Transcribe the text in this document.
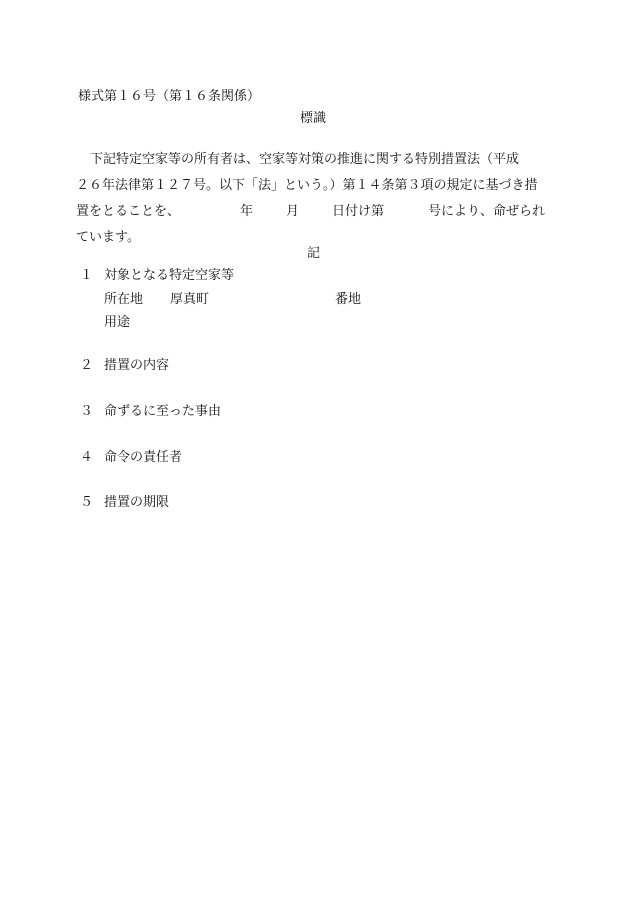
様式第１６号（第１６条関係）
標識
下記特定空家等の所有者は、空家等対策の推進に関する特別措置法（平成
２６年法律第１２７号。以下「法」という。）第１４条第３項の規定に基づき措
置をとることを、	年	月	日付け第	号により、命ぜられ
ています。
記
１ 対象となる特定空家等
所在地 厚真町	番地
用途
２ 措置の内容
３ 命ずるに至った事由
４ 命令の責任者
５ 措置の期限
